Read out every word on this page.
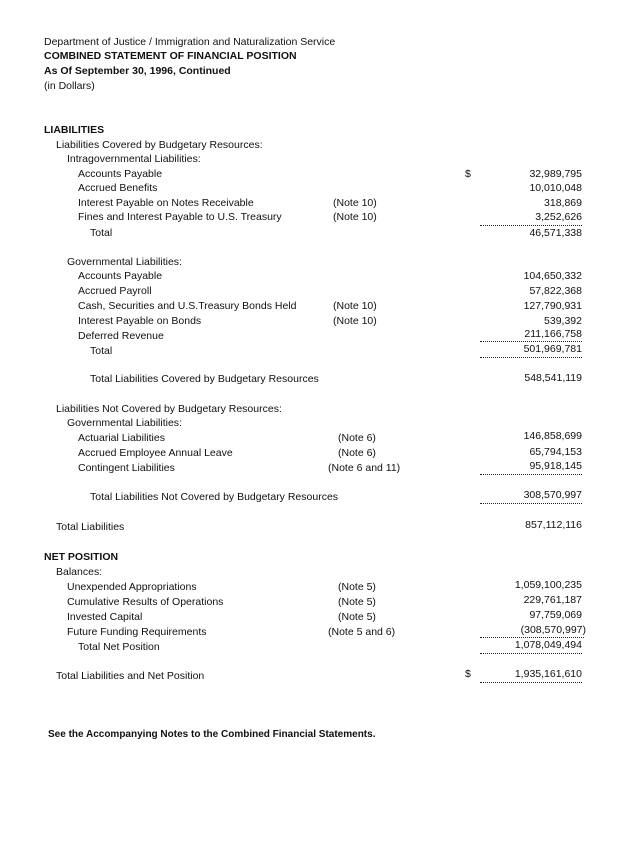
Department of Justice / Immigration and Naturalization Service
COMBINED STATEMENT OF FINANCIAL POSITION
As Of September 30, 1996, Continued
(in Dollars)
LIABILITIES
Liabilities Covered by Budgetary Resources:
Intragovernmental Liabilities:
$
Accounts Payable	32,989,795
Accrued Benefits	10,010,048
Interest Payable on Notes Receivable	(Note 10)	318,869
Fines and Interest Payable to U.S. Treasury	(Note 10)	3,252,626
Total	46,571,338
Governmental Liabilities:
Accounts Payable	104,650,332
Accrued Payroll	57,822,368
Cash, Securities and U.S.Treasury Bonds Held	(Note 10)	127,790,931
Interest Payable on Bonds	(Note 10)	539,392
Deferred Revenue	211,166,758
Total	501,969,781
Total Liabilities Covered by Budgetary Resources	548,541,119
Liabilities Not Covered by Budgetary Resources:
Governmental Liabilities:
Actuarial Liabilities	(Note 6)	146,858,699
Accrued Employee Annual Leave	(Note 6)	65,794,153
Contingent Liabilities	(Note 6 and 11)	95,918,145
Total Liabilities Not Covered by Budgetary Resources	308,570,997
Total Liabilities	857,112,116
NET POSITION
Balances:
Unexpended Appropriations	(Note 5)	1,059,100,235
Cumulative Results of Operations	(Note 5)	229,761,187
Invested Capital	(Note 5)	97,759,069
Future Funding Requirements	(Note 5 and 6)	(308,570,997)
Total Net Position	1,078,049,494
Total Liabilities and Net Position	$	1,935,161,610
See the Accompanying Notes to the Combined Financial Statements.
